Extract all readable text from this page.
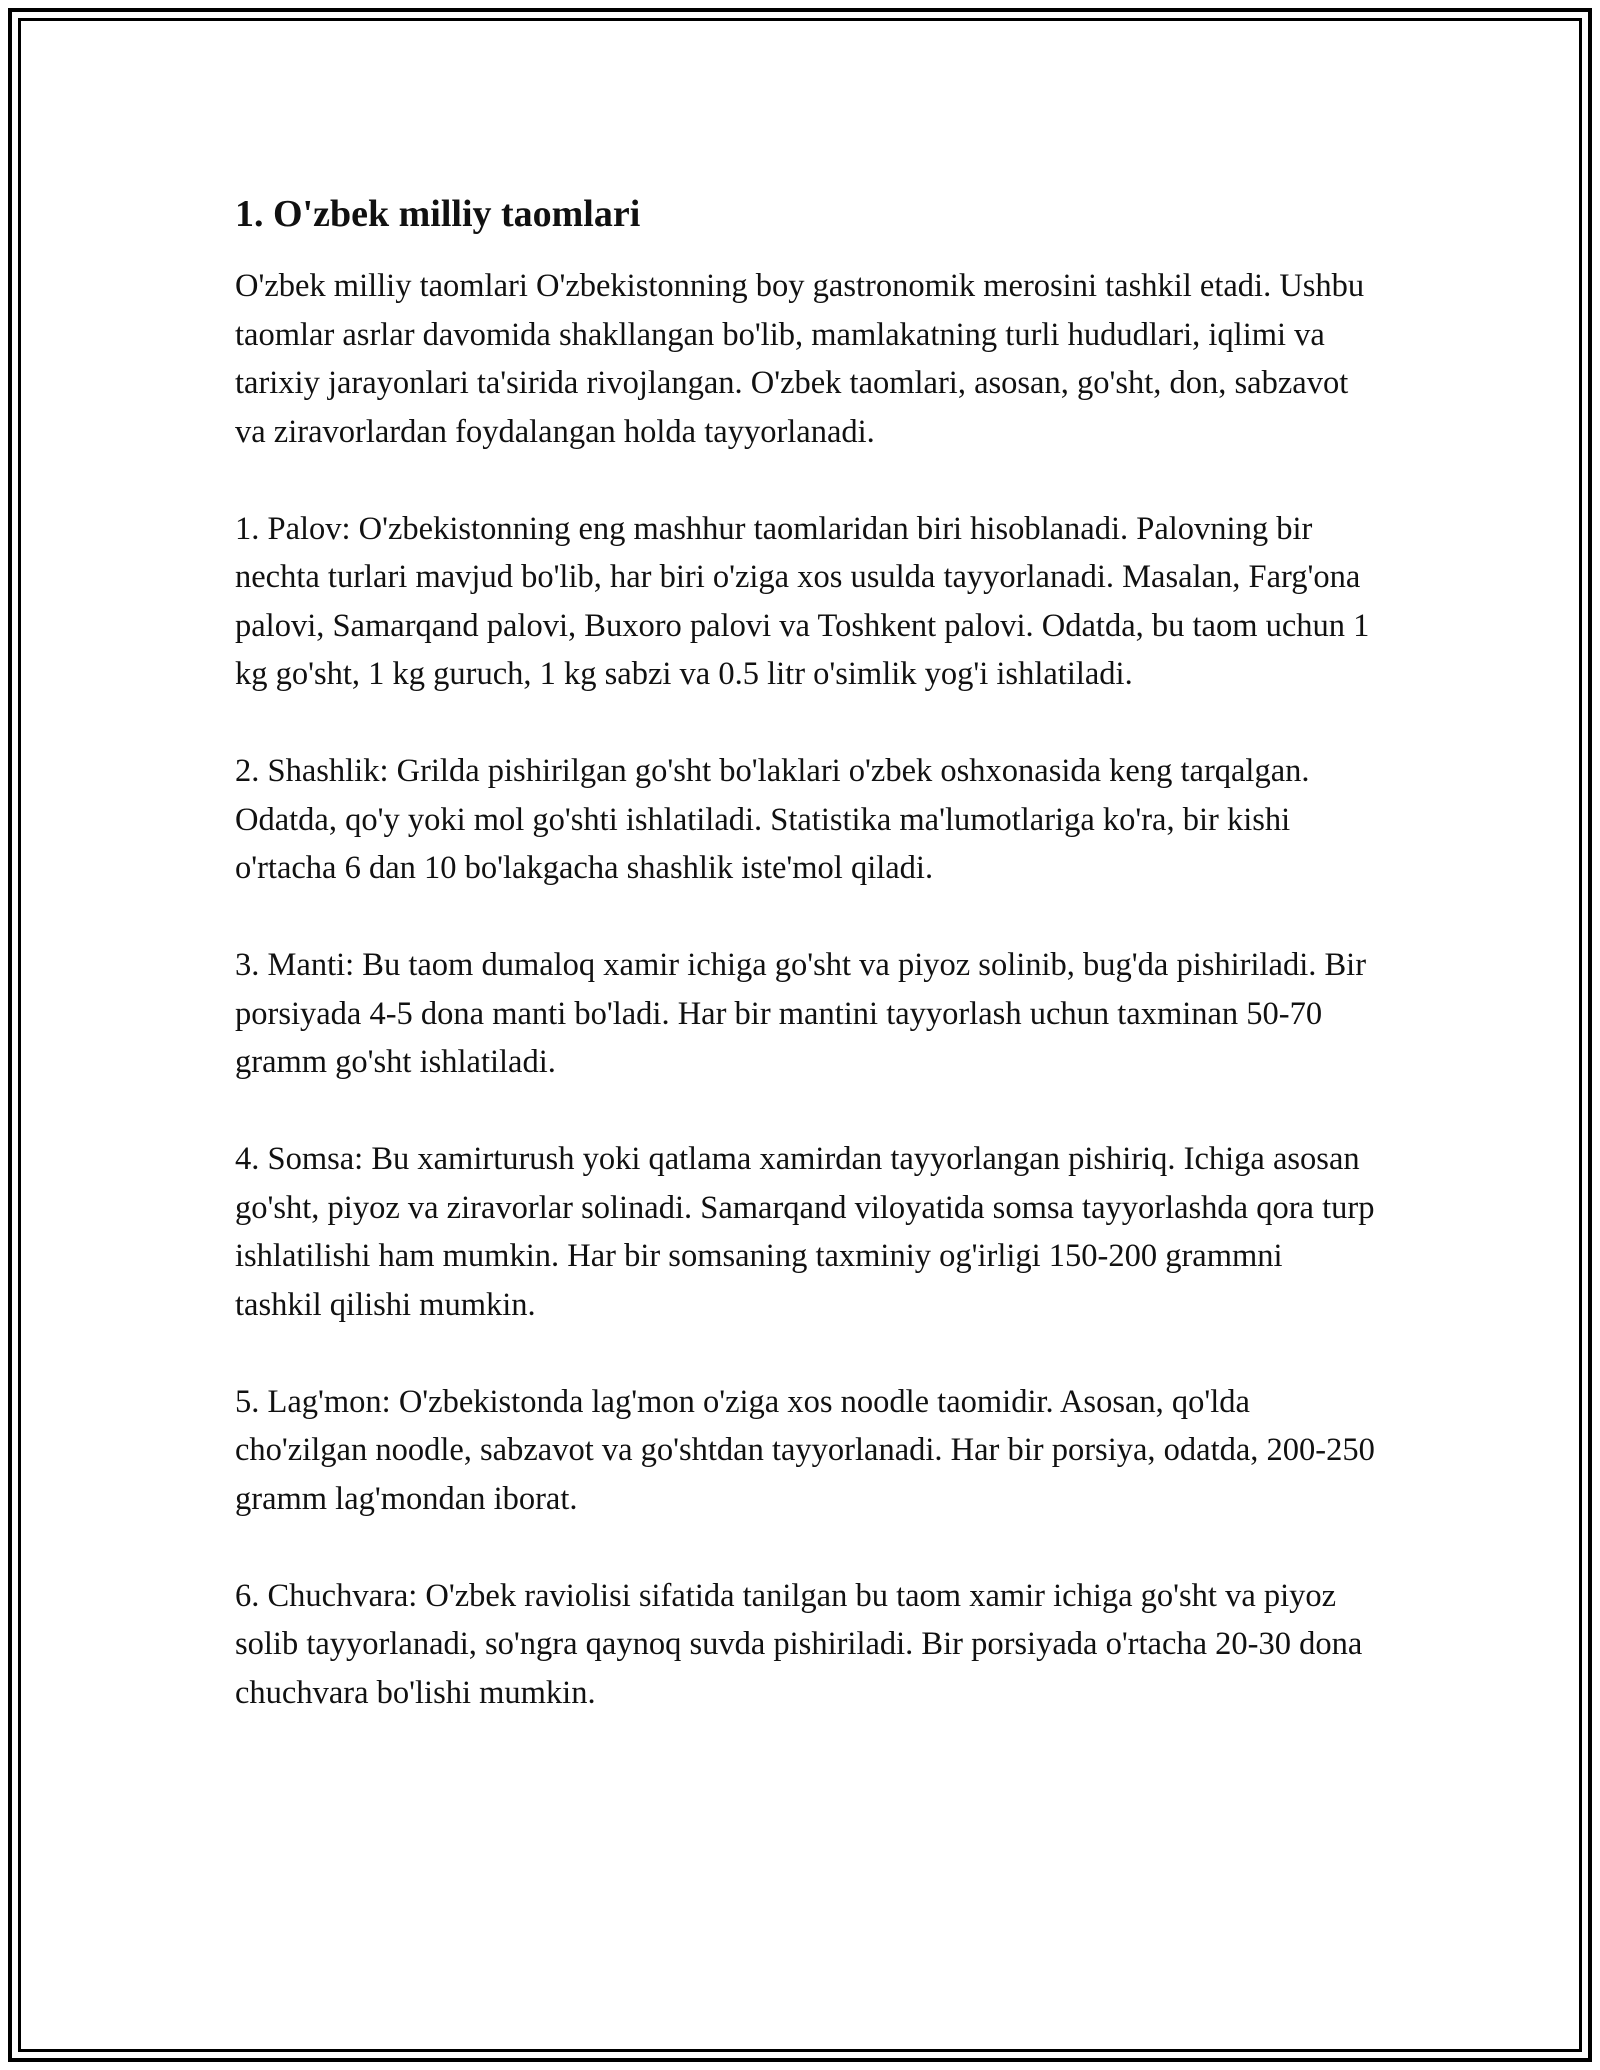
1. O'zbek milliy taomlari

O'zbek milliy taomlari O'zbekistonning boy gastronomik merosini tashkil etadi. Ushbu taomlar asrlar davomida shakllangan bo'lib, mamlakatning turli hududlari, iqlimi va tarixiy jarayonlari ta'sirida rivojlangan. O'zbek taomlari, asosan, go'sht, don, sabzavot va ziravorlardan foydalangan holda tayyorlanadi.

1. Palov: O'zbekistonning eng mashhur taomlaridan biri hisoblanadi. Palovning bir nechta turlari mavjud bo'lib, har biri o'ziga xos usulda tayyorlanadi. Masalan, Farg'ona palovi, Samarqand palovi, Buxoro palovi va Toshkent palovi. Odatda, bu taom uchun 1 kg go'sht, 1 kg guruch, 1 kg sabzi va 0.5 litr o'simlik yog'i ishlatiladi.

2. Shashlik: Grilda pishirilgan go'sht bo'laklari o'zbek oshxonasida keng tarqalgan. Odatda, qo'y yoki mol go'shti ishlatiladi. Statistika ma'lumotlariga ko'ra, bir kishi o'rtacha 6 dan 10 bo'lakgacha shashlik iste'mol qiladi.

3. Manti: Bu taom dumaloq xamir ichiga go'sht va piyoz solinib, bug'da pishiriladi. Bir porsiyada 4-5 dona manti bo'ladi. Har bir mantini tayyorlash uchun taxminan 50-70 gramm go'sht ishlatiladi.

4. Somsa: Bu xamirturush yoki qatlama xamirdan tayyorlangan pishiriq. Ichiga asosan go'sht, piyoz va ziravorlar solinadi. Samarqand viloyatida somsa tayyorlashda qora turp ishlatilishi ham mumkin. Har bir somsaning taxminiy og'irligi 150-200 grammni tashkil qilishi mumkin.

5. Lag'mon: O'zbekistonda lag'mon o'ziga xos noodle taomidir. Asosan, qo'lda cho'zilgan noodle, sabzavot va go'shtdan tayyorlanadi. Har bir porsiya, odatda, 200-250 gramm lag'mondan iborat.

6. Chuchvara: O'zbek raviolisi sifatida tanilgan bu taom xamir ichiga go'sht va piyoz solib tayyorlanadi, so'ngra qaynoq suvda pishiriladi. Bir porsiyada o'rtacha 20-30 dona chuchvara bo'lishi mumkin.
